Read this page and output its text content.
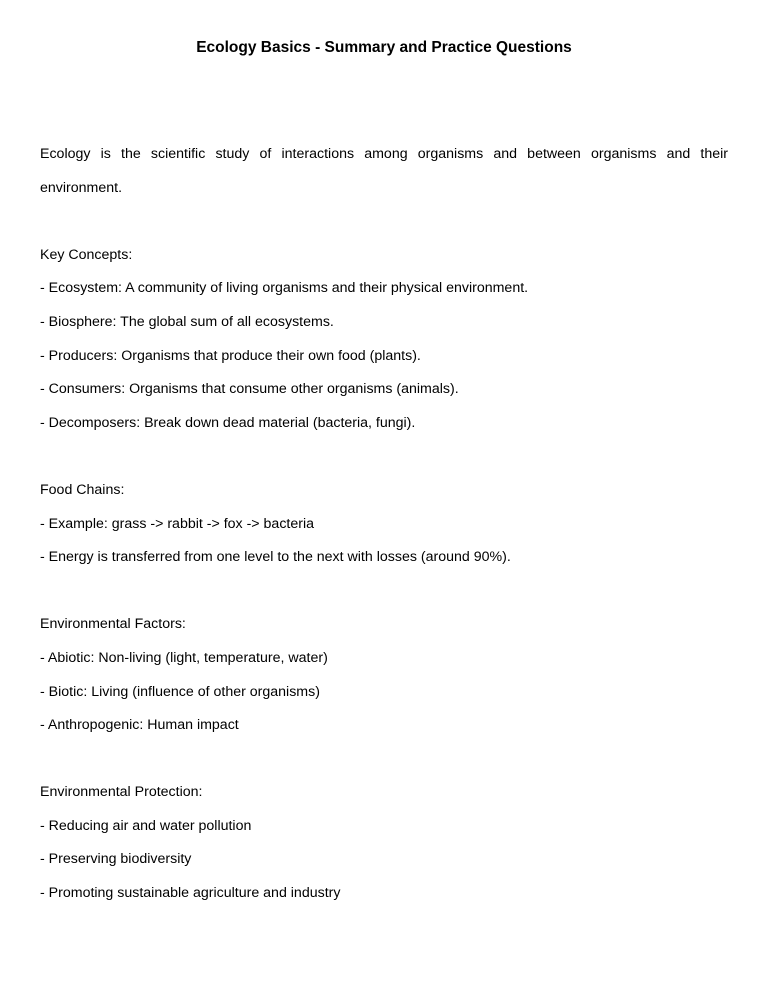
Ecology Basics - Summary and Practice Questions

Ecology is the scientific study of interactions among organisms and between organisms and their environment.

Key Concepts:

- Ecosystem: A community of living organisms and their physical environment.
- Biosphere: The global sum of all ecosystems.
- Producers: Organisms that produce their own food (plants).
- Consumers: Organisms that consume other organisms (animals).
- Decomposers: Break down dead material (bacteria, fungi).

Food Chains:

- Example: grass -> rabbit -> fox -> bacteria
- Energy is transferred from one level to the next with losses (around 90%).

Environmental Factors:

- Abiotic: Non-living (light, temperature, water)
- Biotic: Living (influence of other organisms)
- Anthropogenic: Human impact

Environmental Protection:

- Reducing air and water pollution
- Preserving biodiversity
- Promoting sustainable agriculture and industry
